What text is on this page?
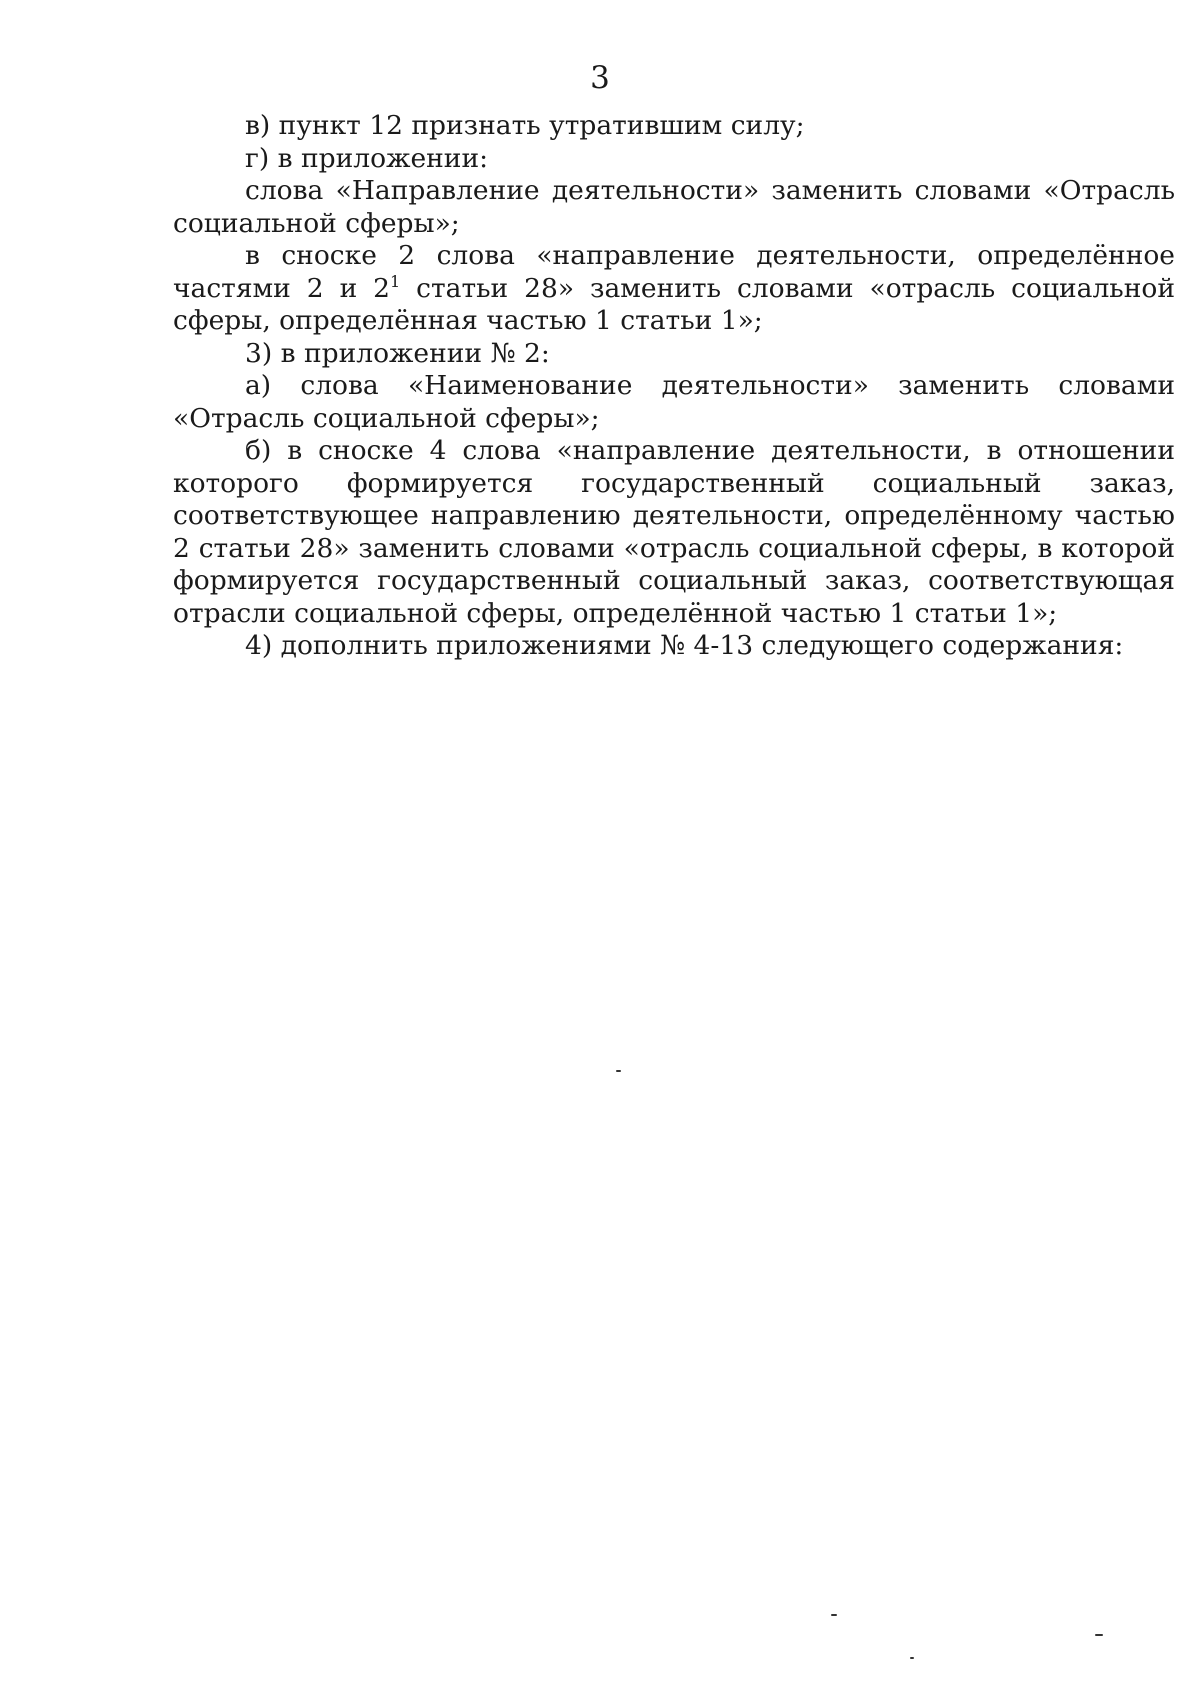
3

в) пункт 12 признать утратившим силу;

г) в приложении:

слова «Направление деятельности» заменить словами «Отрасль социальной сферы»;

в сноске 2 слова «направление деятельности, определённое частями 2 и $2^1$ статьи 28» заменить словами «отрасль социальной сферы, определённая частью 1 статьи 1»;

3) в приложении № 2:

а) слова «Наименование деятельности» заменить словами «Отрасль социальной сферы»;

б) в сноске 4 слова «направление деятельности, в отношении которого формируется государственный социальный заказ, соответствующее направлению деятельности, определённому частью 2 статьи 28» заменить словами «отрасль социальной сферы, в которой формируется государственный социальный заказ, соответствующая отрасли социальной сферы, определённой частью 1 статьи 1»;

4) дополнить приложениями № 4-13 следующего содержания:
